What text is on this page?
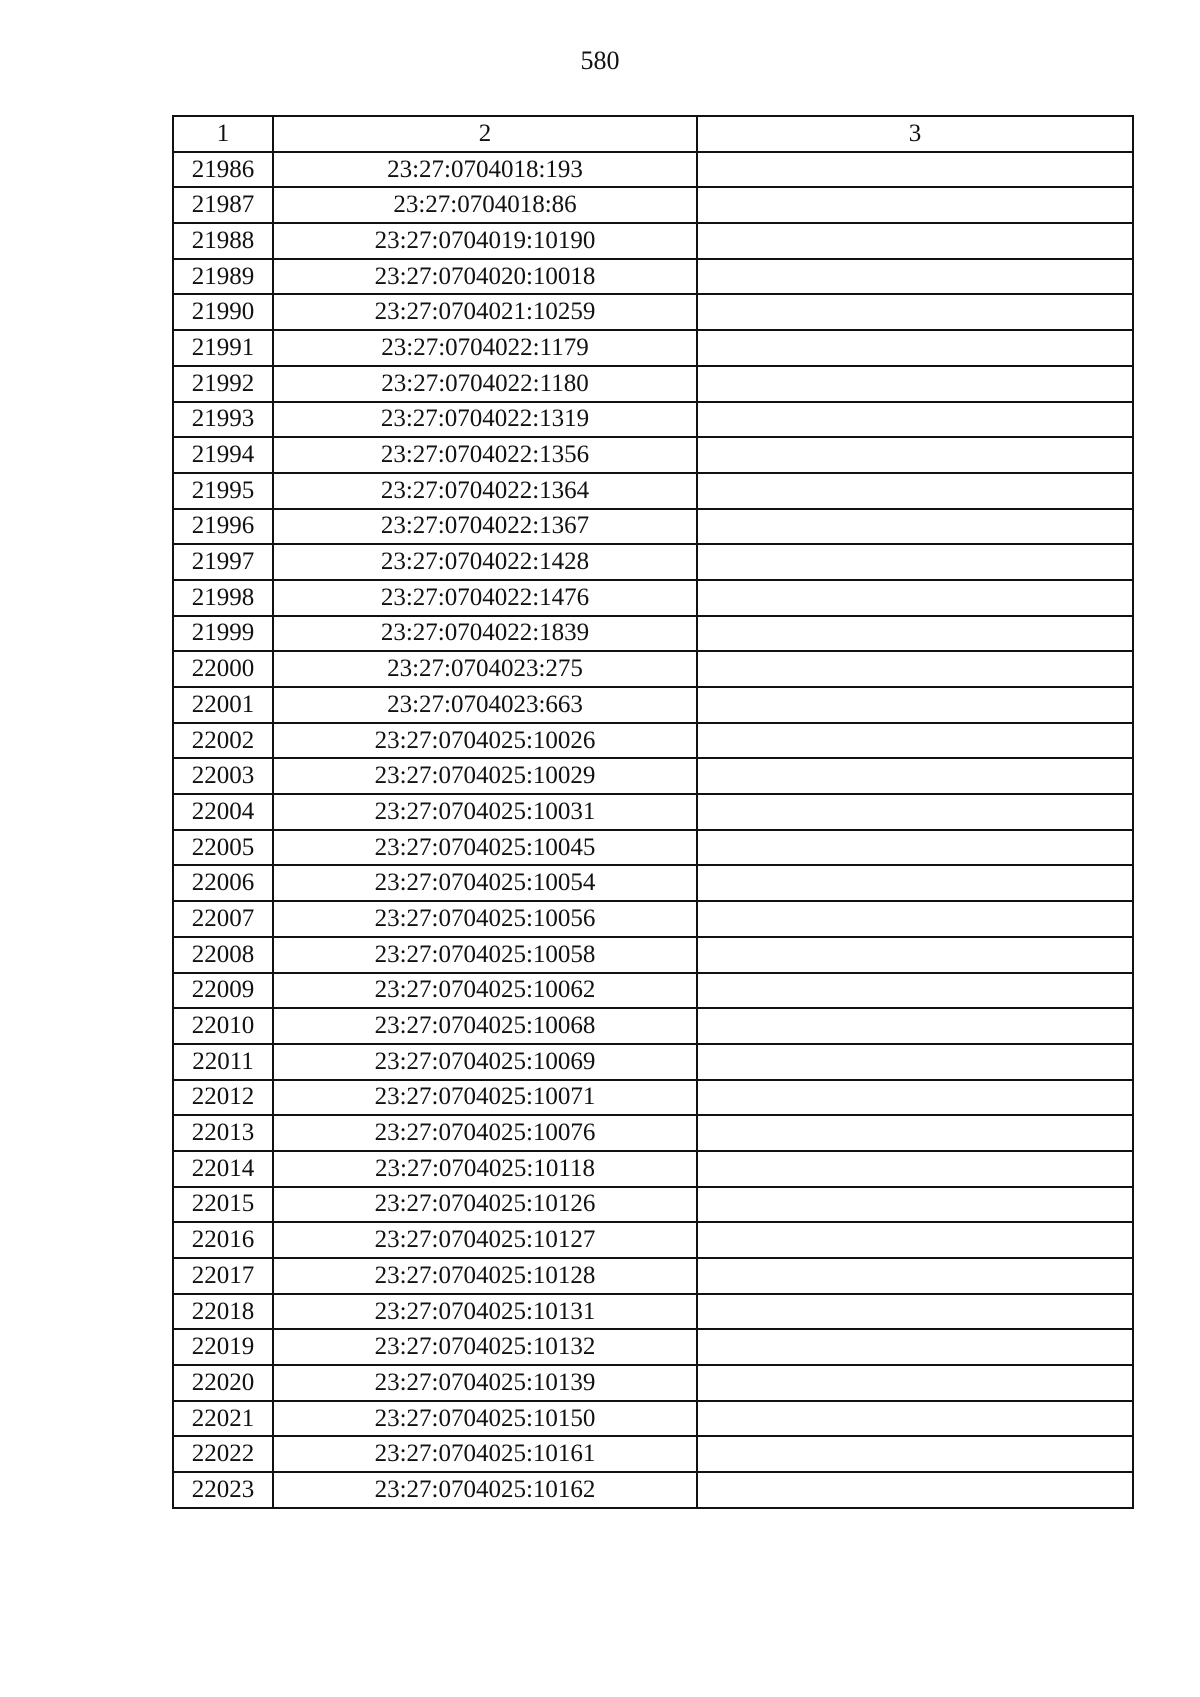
580
1	2	3
21986	23:27:0704018:193	
21987	23:27:0704018:86	
21988	23:27:0704019:10190	
21989	23:27:0704020:10018	
21990	23:27:0704021:10259	
21991	23:27:0704022:1179	
21992	23:27:0704022:1180	
21993	23:27:0704022:1319	
21994	23:27:0704022:1356	
21995	23:27:0704022:1364	
21996	23:27:0704022:1367	
21997	23:27:0704022:1428	
21998	23:27:0704022:1476	
21999	23:27:0704022:1839	
22000	23:27:0704023:275	
22001	23:27:0704023:663	
22002	23:27:0704025:10026	
22003	23:27:0704025:10029	
22004	23:27:0704025:10031	
22005	23:27:0704025:10045	
22006	23:27:0704025:10054	
22007	23:27:0704025:10056	
22008	23:27:0704025:10058	
22009	23:27:0704025:10062	
22010	23:27:0704025:10068	
22011	23:27:0704025:10069	
22012	23:27:0704025:10071	
22013	23:27:0704025:10076	
22014	23:27:0704025:10118	
22015	23:27:0704025:10126	
22016	23:27:0704025:10127	
22017	23:27:0704025:10128	
22018	23:27:0704025:10131	
22019	23:27:0704025:10132	
22020	23:27:0704025:10139	
22021	23:27:0704025:10150	
22022	23:27:0704025:10161	
22023	23:27:0704025:10162	
